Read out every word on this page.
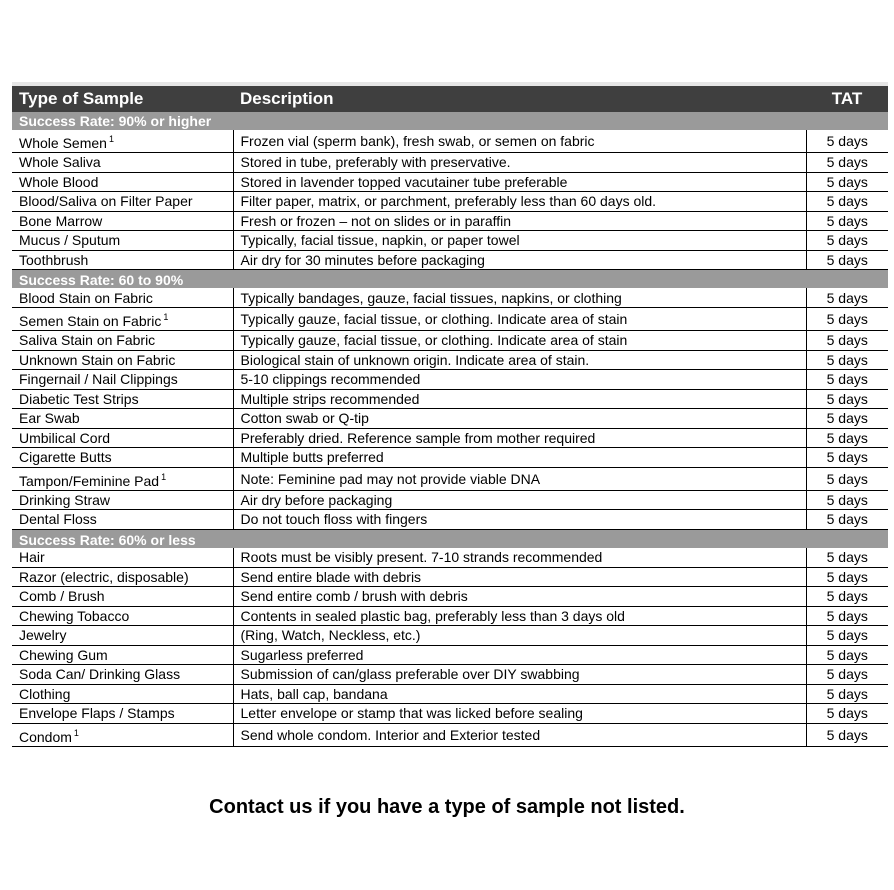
Type of Sample	Description	TAT
Success Rate: 90% or higher		
Whole Semen $^1$	Frozen vial (sperm bank), fresh swab, or semen on fabric	5 days
Whole Saliva	Stored in tube, preferably with preservative.	5 days
Whole Blood	Stored in lavender topped vacutainer tube preferable	5 days
Blood/Saliva on Filter Paper	Filter paper, matrix, or parchment, preferably less than 60 days old.	5 days
Bone Marrow	Fresh or frozen – not on slides or in paraffin	5 days
Mucus / Sputum	Typically, facial tissue, napkin, or paper towel	5 days
Toothbrush	Air dry for 30 minutes before packaging	5 days
Success Rate: 60 to 90%		
Blood Stain on Fabric	Typically bandages, gauze, facial tissues, napkins, or clothing	5 days
Semen Stain on Fabric $^1$	Typically gauze, facial tissue, or clothing. Indicate area of stain	5 days
Saliva Stain on Fabric	Typically gauze, facial tissue, or clothing. Indicate area of stain	5 days
Unknown Stain on Fabric	Biological stain of unknown origin. Indicate area of stain.	5 days
Fingernail / Nail Clippings	5-10 clippings recommended	5 days
Diabetic Test Strips	Multiple strips recommended	5 days
Ear Swab	Cotton swab or Q-tip	5 days
Umbilical Cord	Preferably dried. Reference sample from mother required	5 days
Cigarette Butts	Multiple butts preferred	5 days
Tampon/Feminine Pad $^1$	Note: Feminine pad may not provide viable DNA	5 days
Drinking Straw	Air dry before packaging	5 days
Dental Floss	Do not touch floss with fingers	5 days
Success Rate: 60% or less		
Hair	Roots must be visibly present. 7-10 strands recommended	5 days
Razor (electric, disposable)	Send entire blade with debris	5 days
Comb / Brush	Send entire comb / brush with debris	5 days
Chewing Tobacco	Contents in sealed plastic bag, preferably less than 3 days old	5 days
Jewelry	(Ring, Watch, Neckless, etc.)	5 days
Chewing Gum	Sugarless preferred	5 days
Soda Can/ Drinking Glass	Submission of can/glass preferable over DIY swabbing	5 days
Clothing	Hats, ball cap, bandana	5 days
Envelope Flaps / Stamps	Letter envelope or stamp that was licked before sealing	5 days
Condom $^1$	Send whole condom. Interior and Exterior tested	5 days
Contact us if you have a type of sample not listed.
